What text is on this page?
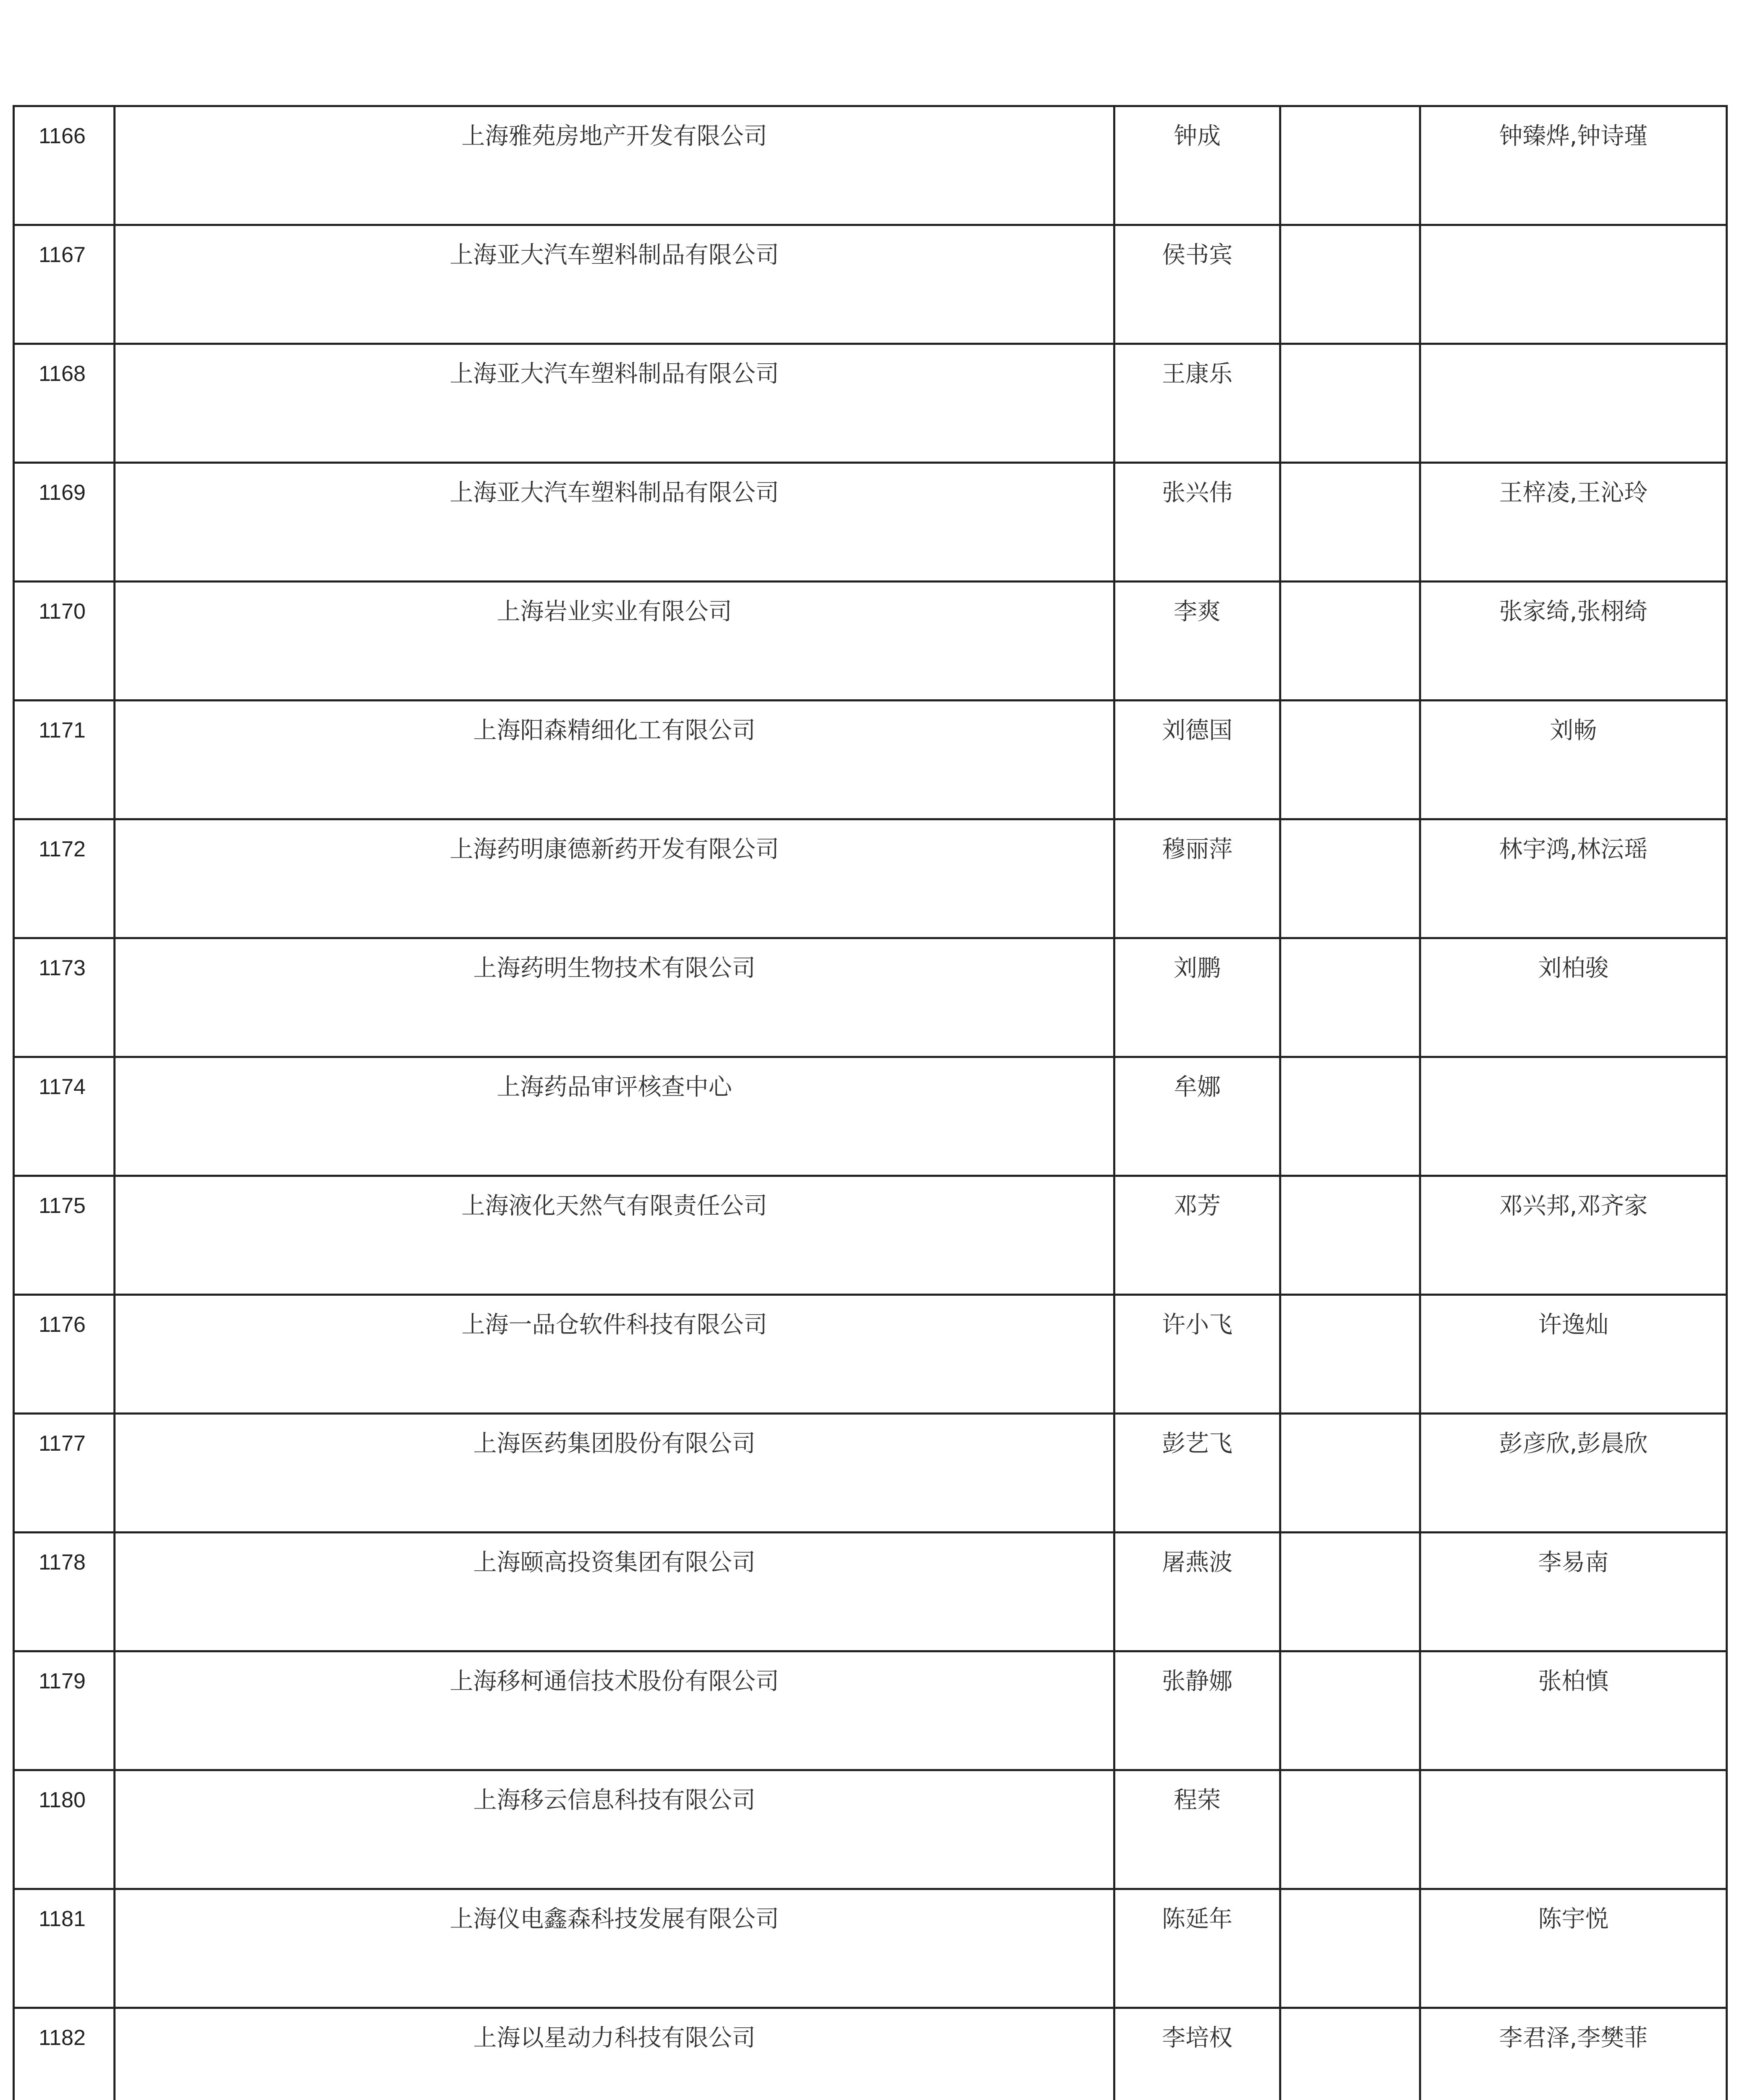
1166	上海雅苑房地产开发有限公司	钟成		钟臻烨,钟诗瑾
1167	上海亚大汽车塑料制品有限公司	侯书宾		
1168	上海亚大汽车塑料制品有限公司	王康乐		
1169	上海亚大汽车塑料制品有限公司	张兴伟		王梓凌,王沁玲
1170	上海岩业实业有限公司	李爽		张家绮,张栩绮
1171	上海阳森精细化工有限公司	刘德国		刘畅
1172	上海药明康德新药开发有限公司	穆丽萍		林宇鸿,林沄瑶
1173	上海药明生物技术有限公司	刘鹏		刘柏骏
1174	上海药品审评核查中心	牟娜		
1175	上海液化天然气有限责任公司	邓芳		邓兴邦,邓齐家
1176	上海一品仓软件科技有限公司	许小飞		许逸灿
1177	上海医药集团股份有限公司	彭艺飞		彭彦欣,彭晨欣
1178	上海颐高投资集团有限公司	屠燕波		李易南
1179	上海移柯通信技术股份有限公司	张静娜		张柏慎
1180	上海移云信息科技有限公司	程荣		
1181	上海仪电鑫森科技发展有限公司	陈延年		陈宇悦
1182	上海以星动力科技有限公司	李培权		李君泽,李樊菲
